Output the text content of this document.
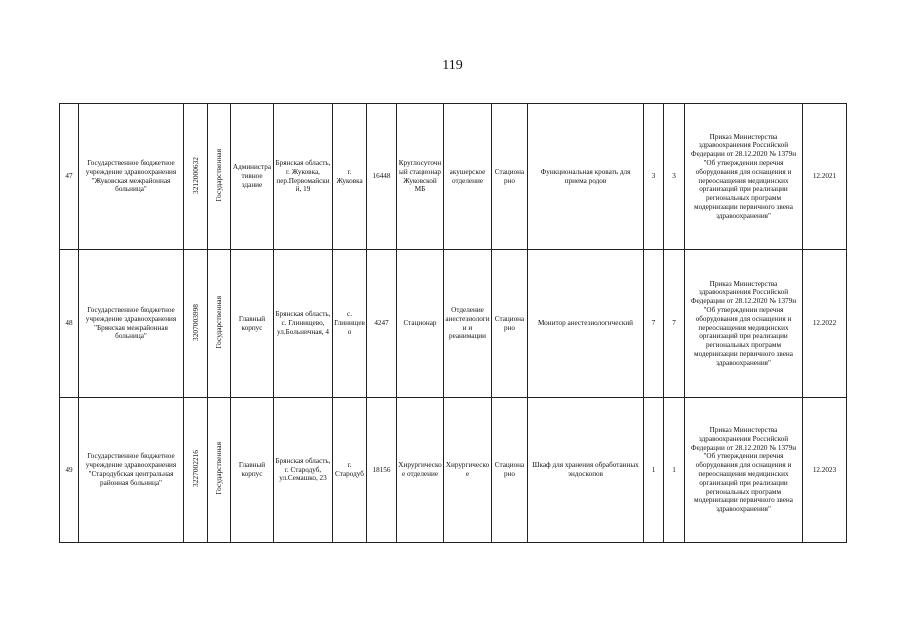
119
47	Государственное бюджетное учреждение здравоохранения "Жуковская межрайонная больница"	3212000632	Государственная	Административное здание	Брянская область, г. Жуковка, пер.Первомайский, 19	г. Жуковка	16448	Круглосуточный стационар Жуковской МБ	акушерское отделение	Стационарно	Функциональная кровать для приема родов	3	3	Приказ Министерства здравоохранения Российской Федерации от 28.12.2020 № 1379н "Об утверждении перечня оборудования для оснащения и переоснащения медицинских организаций при реализации региональных программ модернизации первичного звена здравоохранения"	12.2021
48	Государственное бюджетное учреждение здравоохранения "Брянская межрайонная больница"	3207003998	Государственная	Главный корпус	Брянская область, с. Глинищево, ул.Больничная, 4	с. Глинищево	4247	Стационар	Отделение анестезиологии и реанимации	Стационарно	Монитор анестезиологический	7	7	Приказ Министерства здравоохранения Российской Федерации от 28.12.2020 № 1379н "Об утверждении перечня оборудования для оснащения и переоснащения медицинских организаций при реализации региональных программ модернизации первичного звена здравоохранения"	12.2022
49	Государственное бюджетное учреждение здравоохранения "Стародубская центральная районная больница"	3227002216	Государственная	Главный корпус	Брянская область, г. Стародуб, ул.Семашко, 23	г. Стародуб	18156	Хирургическое отделение	Хирургическое	Стационарно	Шкаф для хранения обработанных эндоскопов	1	1	Приказ Министерства здравоохранения Российской Федерации от 28.12.2020 № 1379н "Об утверждении перечня оборудования для оснащения и переоснащения медицинских организаций при реализации региональных программ модернизации первичного звена здравоохранения"	12.2023
